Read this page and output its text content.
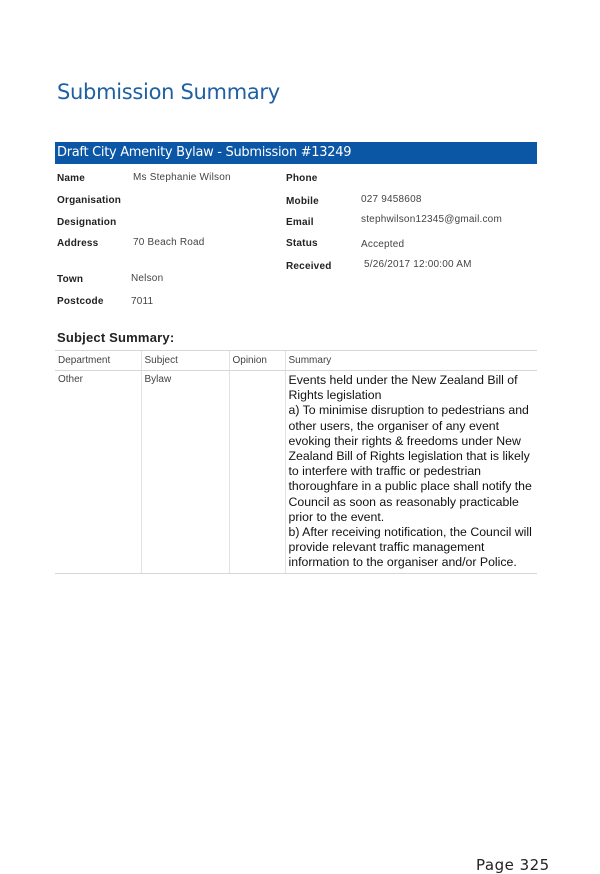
Submission Summary
Draft City Amenity Bylaw - Submission #13249
Name	Ms Stephanie Wilson
Organisation
Designation
Address	70 Beach Road
Town	Nelson
Postcode	7011
Phone
Mobile	027 9458608
Email	stephwilson12345@gmail.com
Status	Accepted
Received	5/26/2017 12:00:00 AM
Subject Summary:
Department	Subject	Opinion	Summary
Other	Bylaw		Events held under the New Zealand Bill of Rights legislation
a) To minimise disruption to pedestrians and other users, the organiser of any event evoking their rights & freedoms under New Zealand Bill of Rights legislation that is likely to interfere with traffic or pedestrian thoroughfare in a public place shall notify the Council as soon as reasonably practicable prior to the event.
b) After receiving notification, the Council will provide relevant traffic management information to the organiser and/or Police.
Page 325
